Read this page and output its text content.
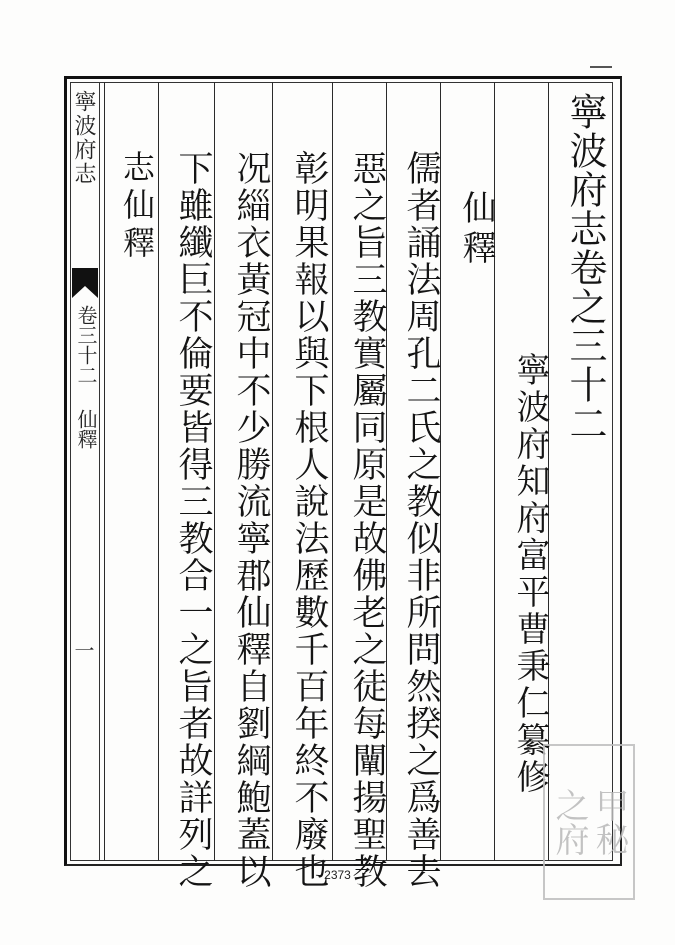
寧波府志
卷三十二 仙釋
一
寧波府志卷之三十二
寧波府知府富平曹秉仁纂修
仙釋
儒者誦法周孔二氏之教似非所問然揆之爲善去
惡之旨三教實屬同原是故佛老之徒每闡揚聖教
彰明果報以與下根人說法歷數千百年終不廢也
况緇衣黃冠中不少勝流寧郡仙釋自劉綱鮑蓋以
下雖纖巨不倫要皆得三教合一之旨者故詳列之
志仙釋
甲秘
之府
2373
